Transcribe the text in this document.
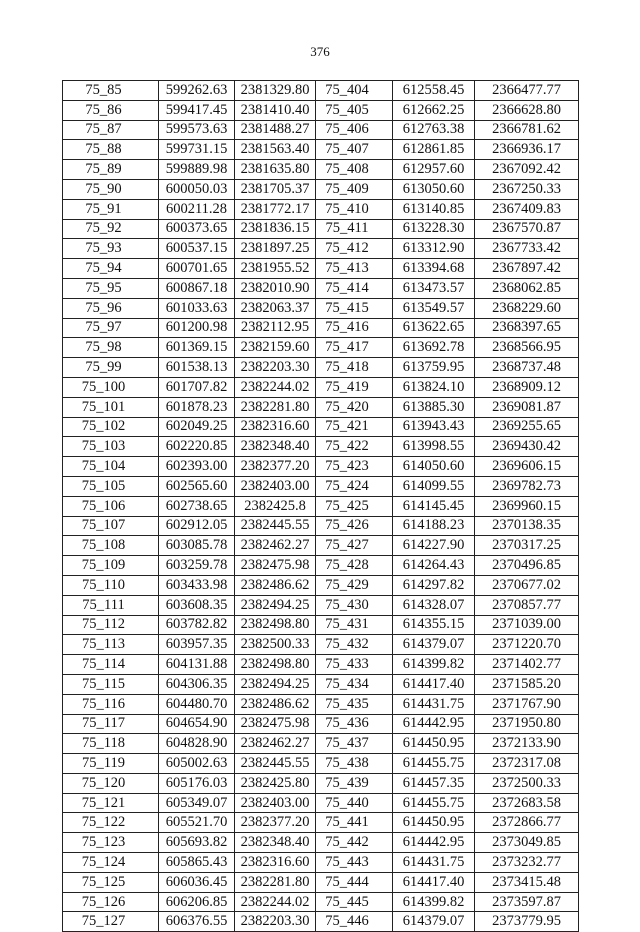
376
75_85	599262.63	2381329.80	75_404	612558.45	2366477.77
75_86	599417.45	2381410.40	75_405	612662.25	2366628.80
75_87	599573.63	2381488.27	75_406	612763.38	2366781.62
75_88	599731.15	2381563.40	75_407	612861.85	2366936.17
75_89	599889.98	2381635.80	75_408	612957.60	2367092.42
75_90	600050.03	2381705.37	75_409	613050.60	2367250.33
75_91	600211.28	2381772.17	75_410	613140.85	2367409.83
75_92	600373.65	2381836.15	75_411	613228.30	2367570.87
75_93	600537.15	2381897.25	75_412	613312.90	2367733.42
75_94	600701.65	2381955.52	75_413	613394.68	2367897.42
75_95	600867.18	2382010.90	75_414	613473.57	2368062.85
75_96	601033.63	2382063.37	75_415	613549.57	2368229.60
75_97	601200.98	2382112.95	75_416	613622.65	2368397.65
75_98	601369.15	2382159.60	75_417	613692.78	2368566.95
75_99	601538.13	2382203.30	75_418	613759.95	2368737.48
75_100	601707.82	2382244.02	75_419	613824.10	2368909.12
75_101	601878.23	2382281.80	75_420	613885.30	2369081.87
75_102	602049.25	2382316.60	75_421	613943.43	2369255.65
75_103	602220.85	2382348.40	75_422	613998.55	2369430.42
75_104	602393.00	2382377.20	75_423	614050.60	2369606.15
75_105	602565.60	2382403.00	75_424	614099.55	2369782.73
75_106	602738.65	2382425.8	75_425	614145.45	2369960.15
75_107	602912.05	2382445.55	75_426	614188.23	2370138.35
75_108	603085.78	2382462.27	75_427	614227.90	2370317.25
75_109	603259.78	2382475.98	75_428	614264.43	2370496.85
75_110	603433.98	2382486.62	75_429	614297.82	2370677.02
75_111	603608.35	2382494.25	75_430	614328.07	2370857.77
75_112	603782.82	2382498.80	75_431	614355.15	2371039.00
75_113	603957.35	2382500.33	75_432	614379.07	2371220.70
75_114	604131.88	2382498.80	75_433	614399.82	2371402.77
75_115	604306.35	2382494.25	75_434	614417.40	2371585.20
75_116	604480.70	2382486.62	75_435	614431.75	2371767.90
75_117	604654.90	2382475.98	75_436	614442.95	2371950.80
75_118	604828.90	2382462.27	75_437	614450.95	2372133.90
75_119	605002.63	2382445.55	75_438	614455.75	2372317.08
75_120	605176.03	2382425.80	75_439	614457.35	2372500.33
75_121	605349.07	2382403.00	75_440	614455.75	2372683.58
75_122	605521.70	2382377.20	75_441	614450.95	2372866.77
75_123	605693.82	2382348.40	75_442	614442.95	2373049.85
75_124	605865.43	2382316.60	75_443	614431.75	2373232.77
75_125	606036.45	2382281.80	75_444	614417.40	2373415.48
75_126	606206.85	2382244.02	75_445	614399.82	2373597.87
75_127	606376.55	2382203.30	75_446	614379.07	2373779.95
